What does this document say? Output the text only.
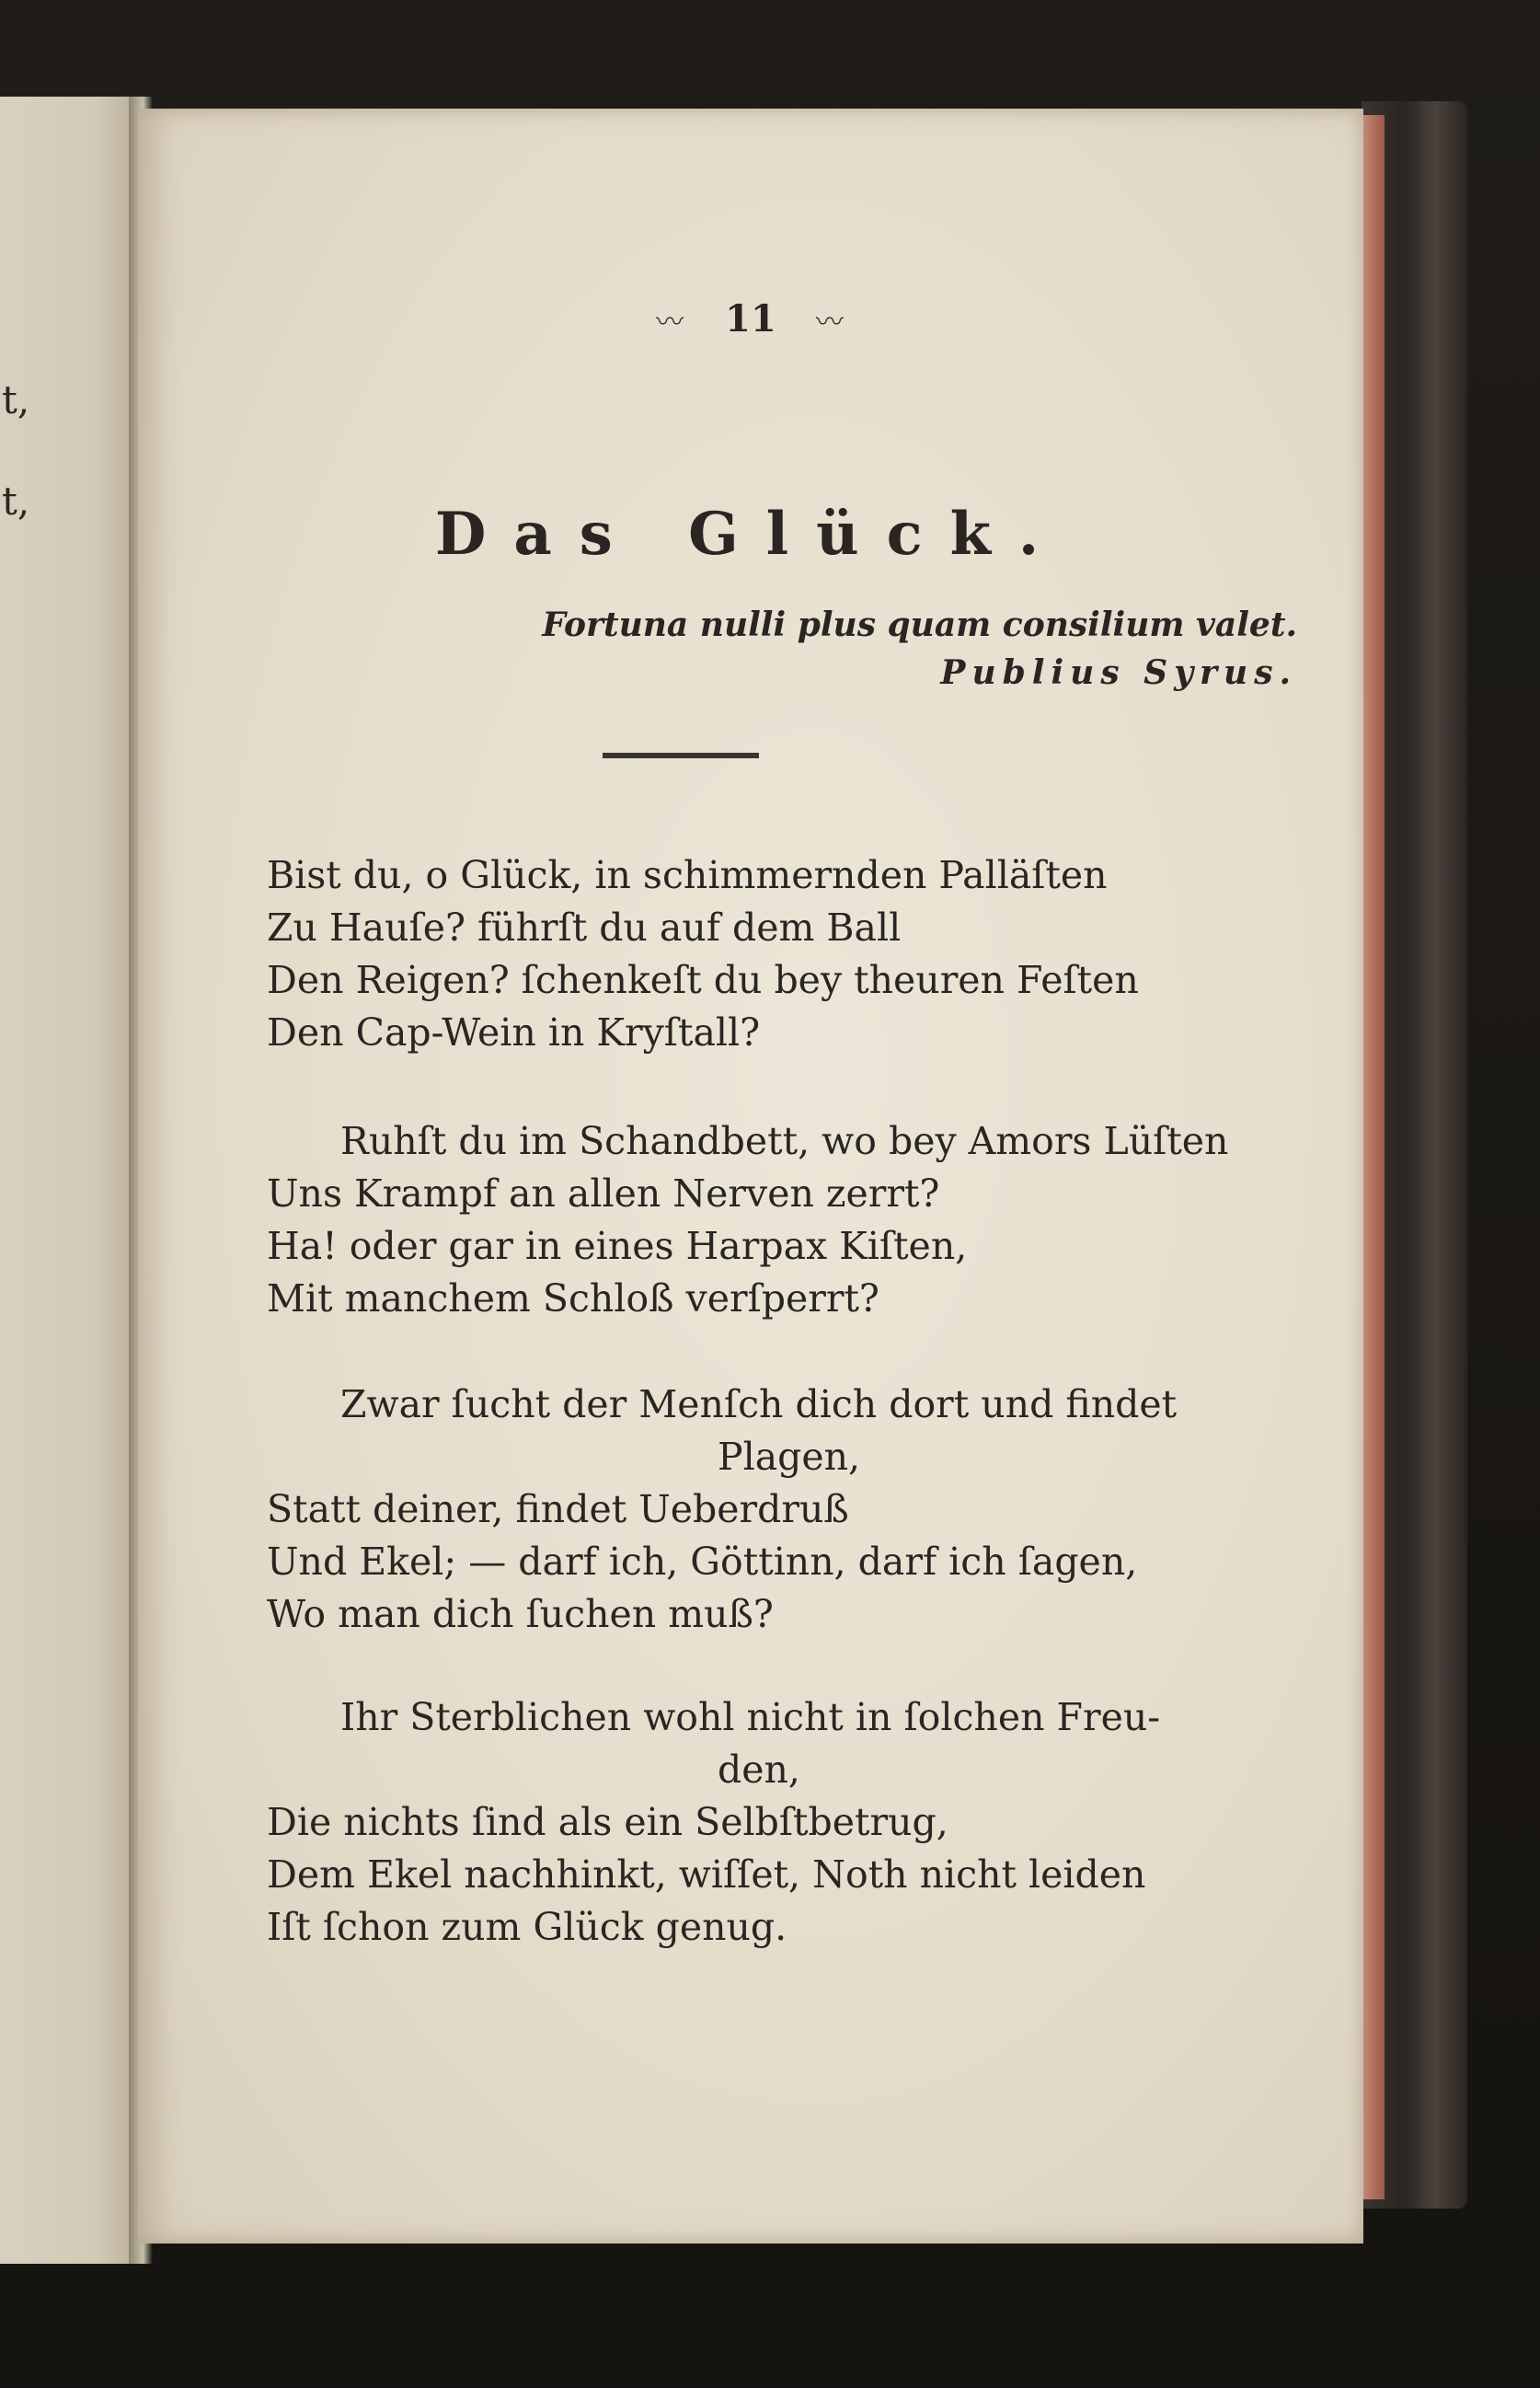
t,
t,
〰 11 〰
Das Glück.
Fortuna nulli plus quam consilium valet.
Publius Syrus.
Bist du, o Glück, in schimmernden Palläſten
Zu Hauſe? führſt du auf dem Ball
Den Reigen? ſchenkeſt du bey theuren Feſten
Den Cap-Wein in Kryſtall?
Ruhſt du im Schandbett, wo bey Amors Lüſten
Uns Krampf an allen Nerven zerrt?
Ha! oder gar in eines Harpax Kiſten,
Mit manchem Schloß verſperrt?
Zwar ſucht der Menſch dich dort und findet
Plagen,
Statt deiner, findet Ueberdruß
Und Ekel; — darf ich, Göttinn, darf ich ſagen,
Wo man dich ſuchen muß?
Ihr Sterblichen wohl nicht in ſolchen Freu-
den,
Die nichts ſind als ein Selbſtbetrug,
Dem Ekel nachhinkt, wiſſet, Noth nicht leiden
Iſt ſchon zum Glück genug.
